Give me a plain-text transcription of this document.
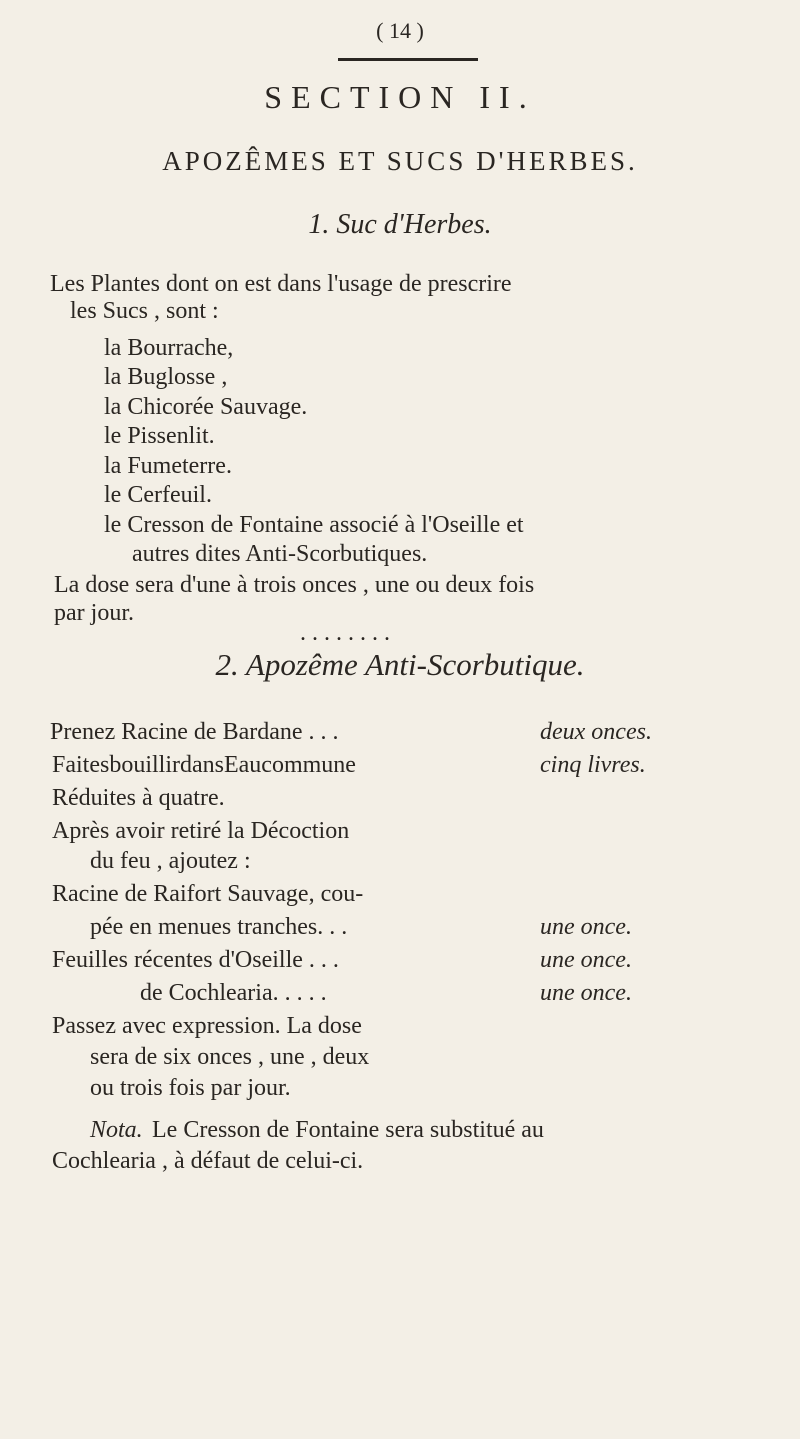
( 14 )
SECTION II.
APOZÊMES ET SUCS D'HERBES.
1. Suc d'Herbes.
Les Plantes dont on est dans l'usage de prescrire
les Sucs , sont :
la Bourrache,
la Buglosse ,
la Chicorée Sauvage.
le Pissenlit.
la Fumeterre.
le Cerfeuil.
le Cresson de Fontaine associé à l'Oseille et
autres dites Anti-Scorbutiques.
La dose sera d'une à trois onces , une ou deux fois
par jour.
........
2. Apozême Anti-Scorbutique.
Prenez Racine de Bardane . . .	deux onces.
FaitesbouillirdansEaucommune	cinq livres.
Réduites à quatre.
Après avoir retiré la Décoction
du feu , ajoutez :
Racine de Raifort Sauvage, cou-
pée en menues tranches. . .	une once.
Feuilles récentes d'Oseille . . .	une once.
de Cochlearia. . . . .	une once.
Passez avec expression. La dose
sera de six onces , une , deux
ou trois fois par jour.
Nota. Le Cresson de Fontaine sera substitué au
Cochlearia , à défaut de celui-ci.
